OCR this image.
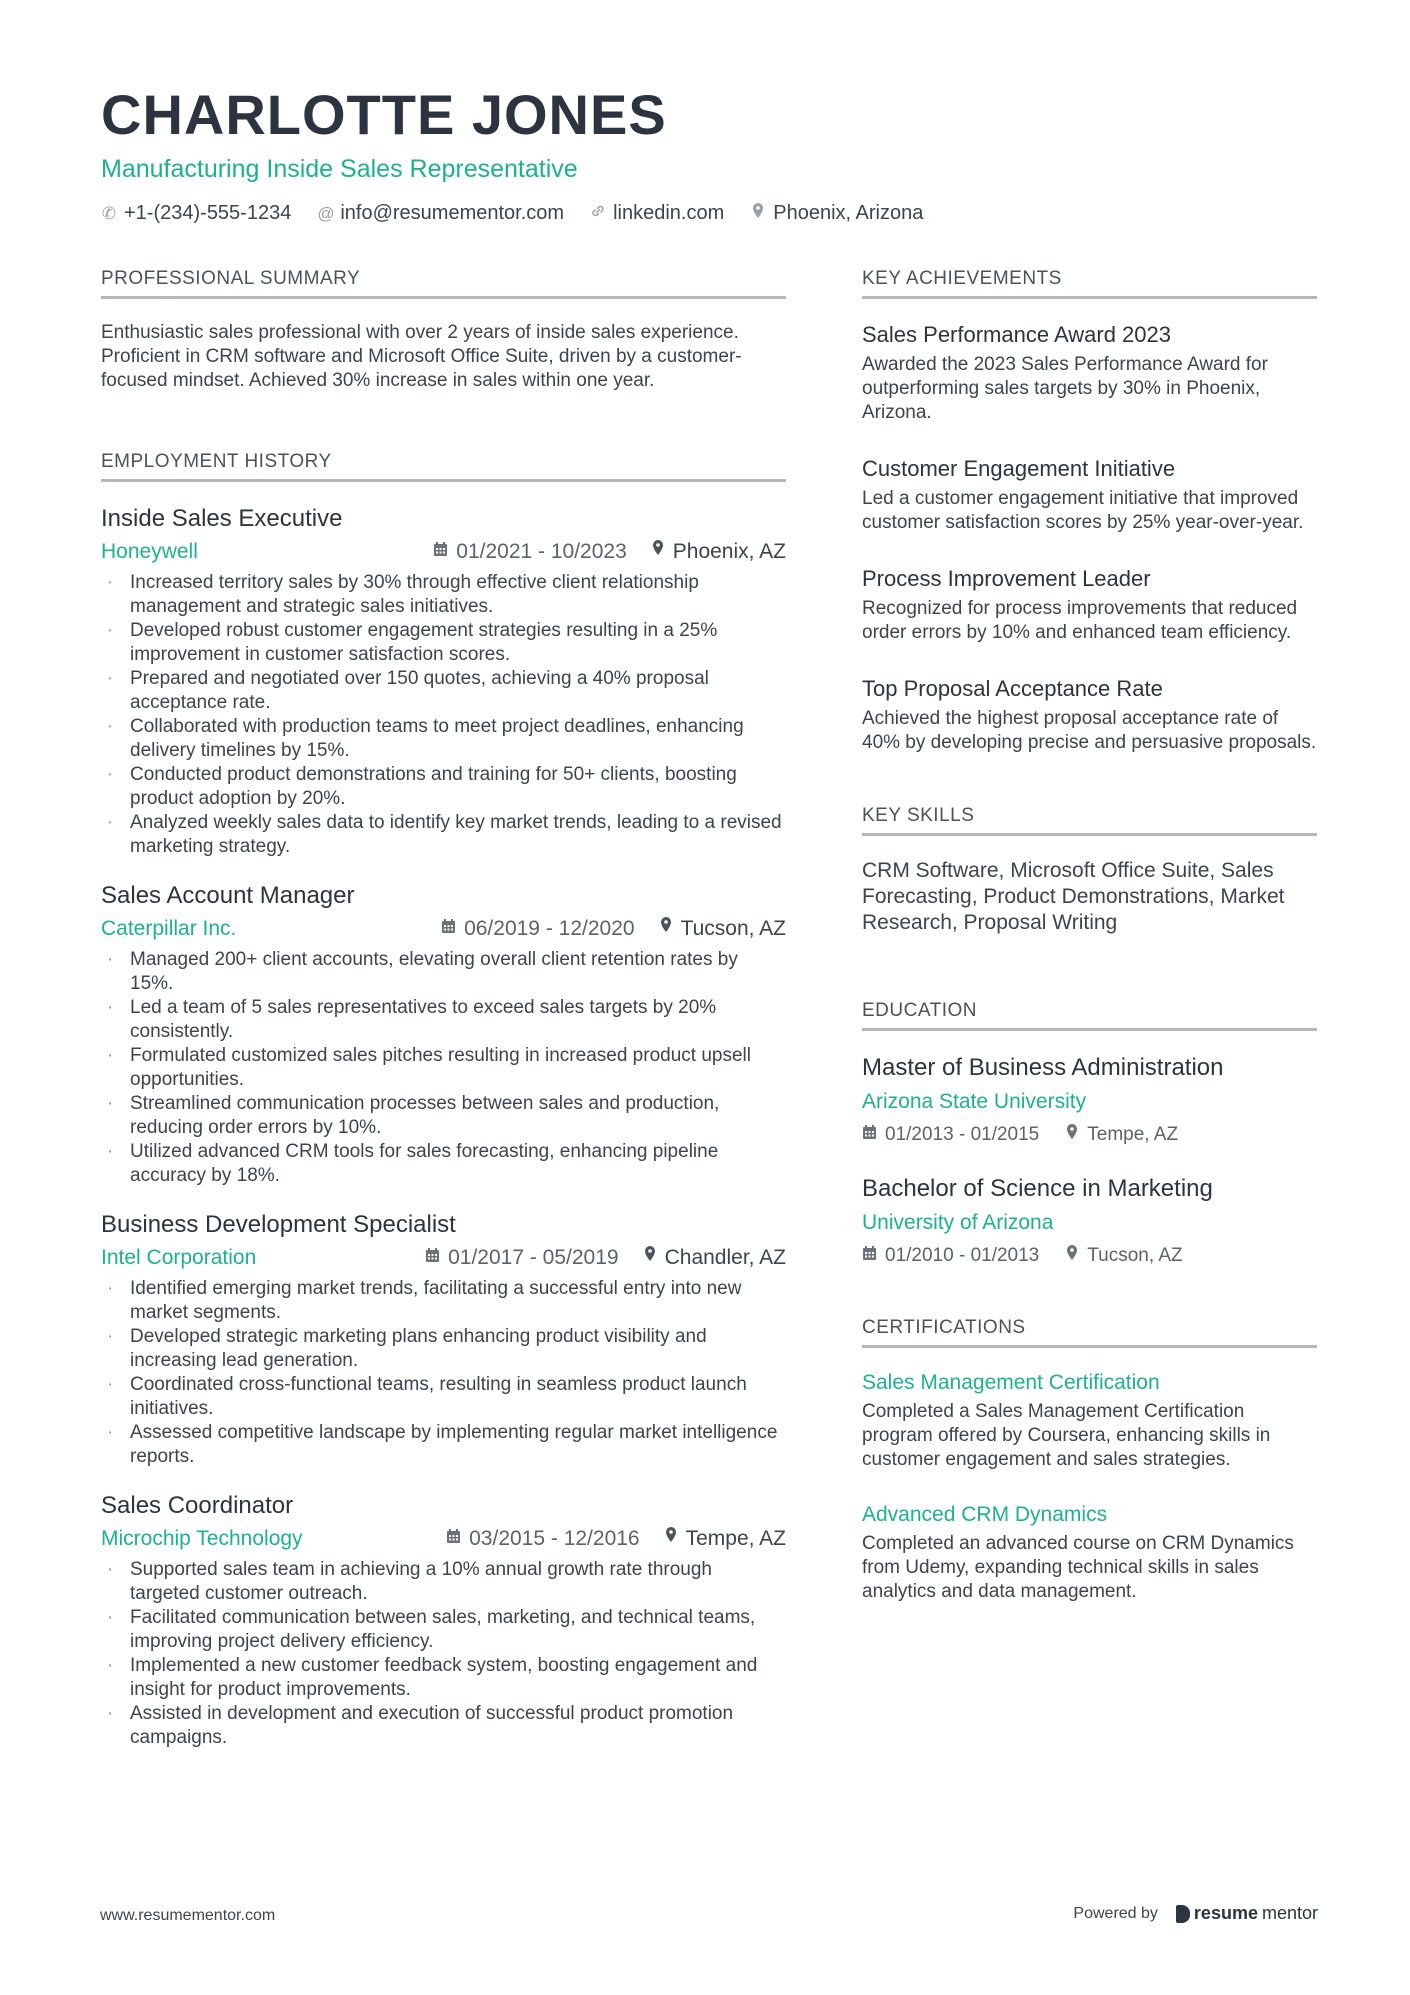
CHARLOTTE JONES
Manufacturing Inside Sales Representative
✆ +1-(234)-555-1234 @ info@resumementor.com linkedin.com Phoenix, Arizona
PROFESSIONAL SUMMARY

Enthusiastic sales professional with over 2 years of inside sales experience. Proficient in CRM software and Microsoft Office Suite, driven by a customer-focused mindset. Achieved 30% increase in sales within one year.

EMPLOYMENT HISTORY
Inside Sales Executive
Honeywell	01/2021 - 10/2023 Phoenix, AZ
· Increased territory sales by 30% through effective client relationship management and strategic sales initiatives.
· Developed robust customer engagement strategies resulting in a 25% improvement in customer satisfaction scores.
· Prepared and negotiated over 150 quotes, achieving a 40% proposal acceptance rate.
· Collaborated with production teams to meet project deadlines, enhancing delivery timelines by 15%.
· Conducted product demonstrations and training for 50+ clients, boosting product adoption by 20%.
· Analyzed weekly sales data to identify key market trends, leading to a revised marketing strategy.
Sales Account Manager
Caterpillar Inc.	06/2019 - 12/2020 Tucson, AZ
· Managed 200+ client accounts, elevating overall client retention rates by 15%.
· Led a team of 5 sales representatives to exceed sales targets by 20% consistently.
· Formulated customized sales pitches resulting in increased product upsell opportunities.
· Streamlined communication processes between sales and production, reducing order errors by 10%.
· Utilized advanced CRM tools for sales forecasting, enhancing pipeline accuracy by 18%.
Business Development Specialist
Intel Corporation	01/2017 - 05/2019 Chandler, AZ
· Identified emerging market trends, facilitating a successful entry into new market segments.
· Developed strategic marketing plans enhancing product visibility and increasing lead generation.
· Coordinated cross-functional teams, resulting in seamless product launch initiatives.
· Assessed competitive landscape by implementing regular market intelligence reports.
Sales Coordinator
Microchip Technology	03/2015 - 12/2016 Tempe, AZ
· Supported sales team in achieving a 10% annual growth rate through targeted customer outreach.
· Facilitated communication between sales, marketing, and technical teams, improving project delivery efficiency.
· Implemented a new customer feedback system, boosting engagement and insight for product improvements.
· Assisted in development and execution of successful product promotion campaigns.
KEY ACHIEVEMENTS
Sales Performance Award 2023
Awarded the 2023 Sales Performance Award for outperforming sales targets by 30% in Phoenix, Arizona.
Customer Engagement Initiative
Led a customer engagement initiative that improved customer satisfaction scores by 25% year-over-year.
Process Improvement Leader
Recognized for process improvements that reduced order errors by 10% and enhanced team efficiency.
Top Proposal Acceptance Rate
Achieved the highest proposal acceptance rate of 40% by developing precise and persuasive proposals.
KEY SKILLS
CRM Software, Microsoft Office Suite, Sales Forecasting, Product Demonstrations, Market Research, Proposal Writing
EDUCATION
Master of Business Administration
Arizona State University
01/2013 - 01/2015	Tempe, AZ
Bachelor of Science in Marketing
University of Arizona
01/2010 - 01/2013	Tucson, AZ
CERTIFICATIONS
Sales Management Certification
Completed a Sales Management Certification program offered by Coursera, enhancing skills in customer engagement and sales strategies.
Advanced CRM Dynamics
Completed an advanced course on CRM Dynamics from Udemy, expanding technical skills in sales analytics and data management.
www.resumementor.com	Powered by resume mentor
